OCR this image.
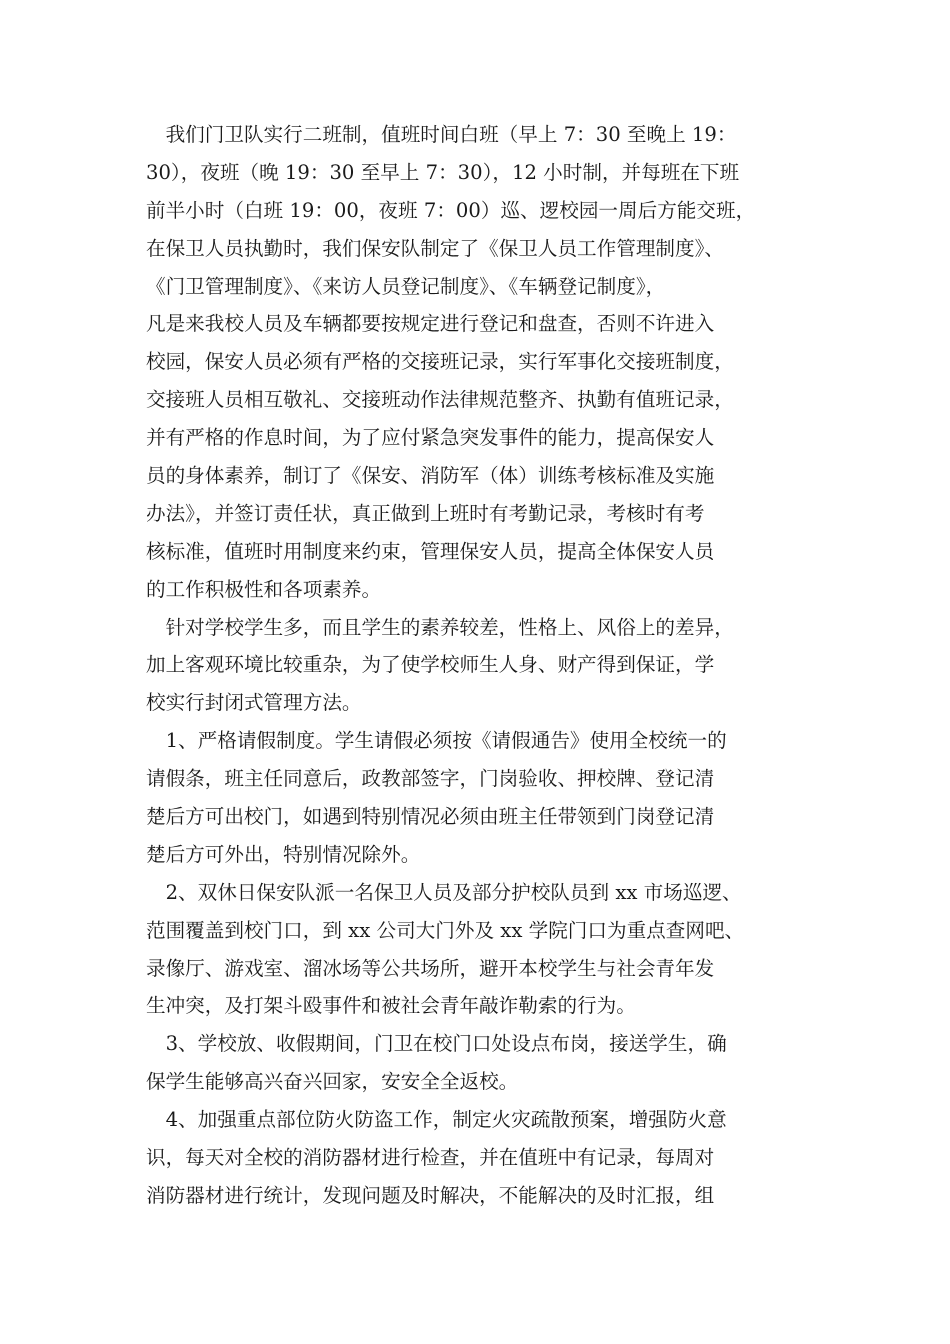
　我们门卫队实行二班制，值班时间白班（早上 7：30 至晚上 19：
30），夜班（晚 19：30 至早上 7：30），12 小时制，并每班在下班
前半小时（白班 19：00，夜班 7：00）巡、逻校园一周后方能交班，
在保卫人员执勤时，我们保安队制定了《保卫人员工作管理制度》、
《门卫管理制度》、《来访人员登记制度》、《车辆登记制度》，
凡是来我校人员及车辆都要按规定进行登记和盘查，否则不许进入
校园，保安人员必须有严格的交接班记录，实行军事化交接班制度，
交接班人员相互敬礼、交接班动作法律规范整齐、执勤有值班记录，
并有严格的作息时间，为了应付紧急突发事件的能力，提高保安人
员的身体素养，制订了《保安、消防军（体）训练考核标准及实施
办法》，并签订责任状，真正做到上班时有考勤记录，考核时有考
核标准，值班时用制度来约束，管理保安人员，提高全体保安人员
的工作积极性和各项素养。

　针对学校学生多，而且学生的素养较差，性格上、风俗上的差异，
加上客观环境比较重杂，为了使学校师生人身、财产得到保证，学
校实行封闭式管理方法。

　1、严格请假制度。学生请假必须按《请假通告》使用全校统一的
请假条，班主任同意后，政教部签字，门岗验收、押校牌、登记清
楚后方可出校门，如遇到特别情况必须由班主任带领到门岗登记清
楚后方可外出，特别情况除外。

　2、双休日保安队派一名保卫人员及部分护校队员到 xx 市场巡逻、
范围覆盖到校门口，到 xx 公司大门外及 xx 学院门口为重点查网吧、
录像厅、游戏室、溜冰场等公共场所，避开本校学生与社会青年发
生冲突，及打架斗殴事件和被社会青年敲诈勒索的行为。

　3、学校放、收假期间，门卫在校门口处设点布岗，接送学生，确
保学生能够高兴奋兴回家，安安全全返校。

　4、加强重点部位防火防盗工作，制定火灾疏散预案，增强防火意
识，每天对全校的消防器材进行检查，并在值班中有记录，每周对
消防器材进行统计，发现问题及时解决，不能解决的及时汇报，组
